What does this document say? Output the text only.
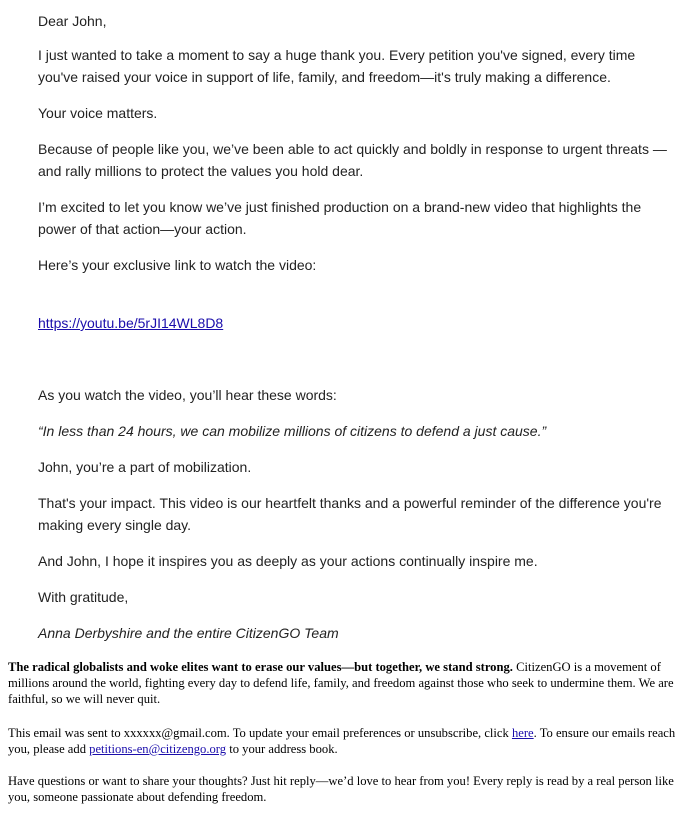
Dear John,

I just wanted to take a moment to say a huge thank you. Every petition you've signed, every time you've raised your voice in support of life, family, and freedom—it's truly making a difference.

Your voice matters.

Because of people like you, we’ve been able to act quickly and boldly in response to urgent threats —and rally millions to protect the values you hold dear.

I’m excited to let you know we’ve just finished production on a brand-new video that highlights the power of that action—your action.

Here’s your exclusive link to watch the video:

https://youtu.be/5rJI14WL8D8

As you watch the video, you’ll hear these words:

“In less than 24 hours, we can mobilize millions of citizens to defend a just cause.”

John, you’re a part of mobilization.

That's your impact. This video is our heartfelt thanks and a powerful reminder of the difference you're making every single day.

And John, I hope it inspires you as deeply as your actions continually inspire me.

With gratitude,

Anna Derbyshire and the entire CitizenGO Team

The radical globalists and woke elites want to erase our values—but together, we stand strong. CitizenGO is a movement of millions around the world, fighting every day to defend life, family, and freedom against those who seek to undermine them. We are faithful, so we will never quit.

This email was sent to xxxxxx@gmail.com. To update your email preferences or unsubscribe, click here. To ensure our emails reach you, please add petitions-en@citizengo.org to your address book.

Have questions or want to share your thoughts? Just hit reply—we’d love to hear from you! Every reply is read by a real person like you, someone passionate about defending freedom.
